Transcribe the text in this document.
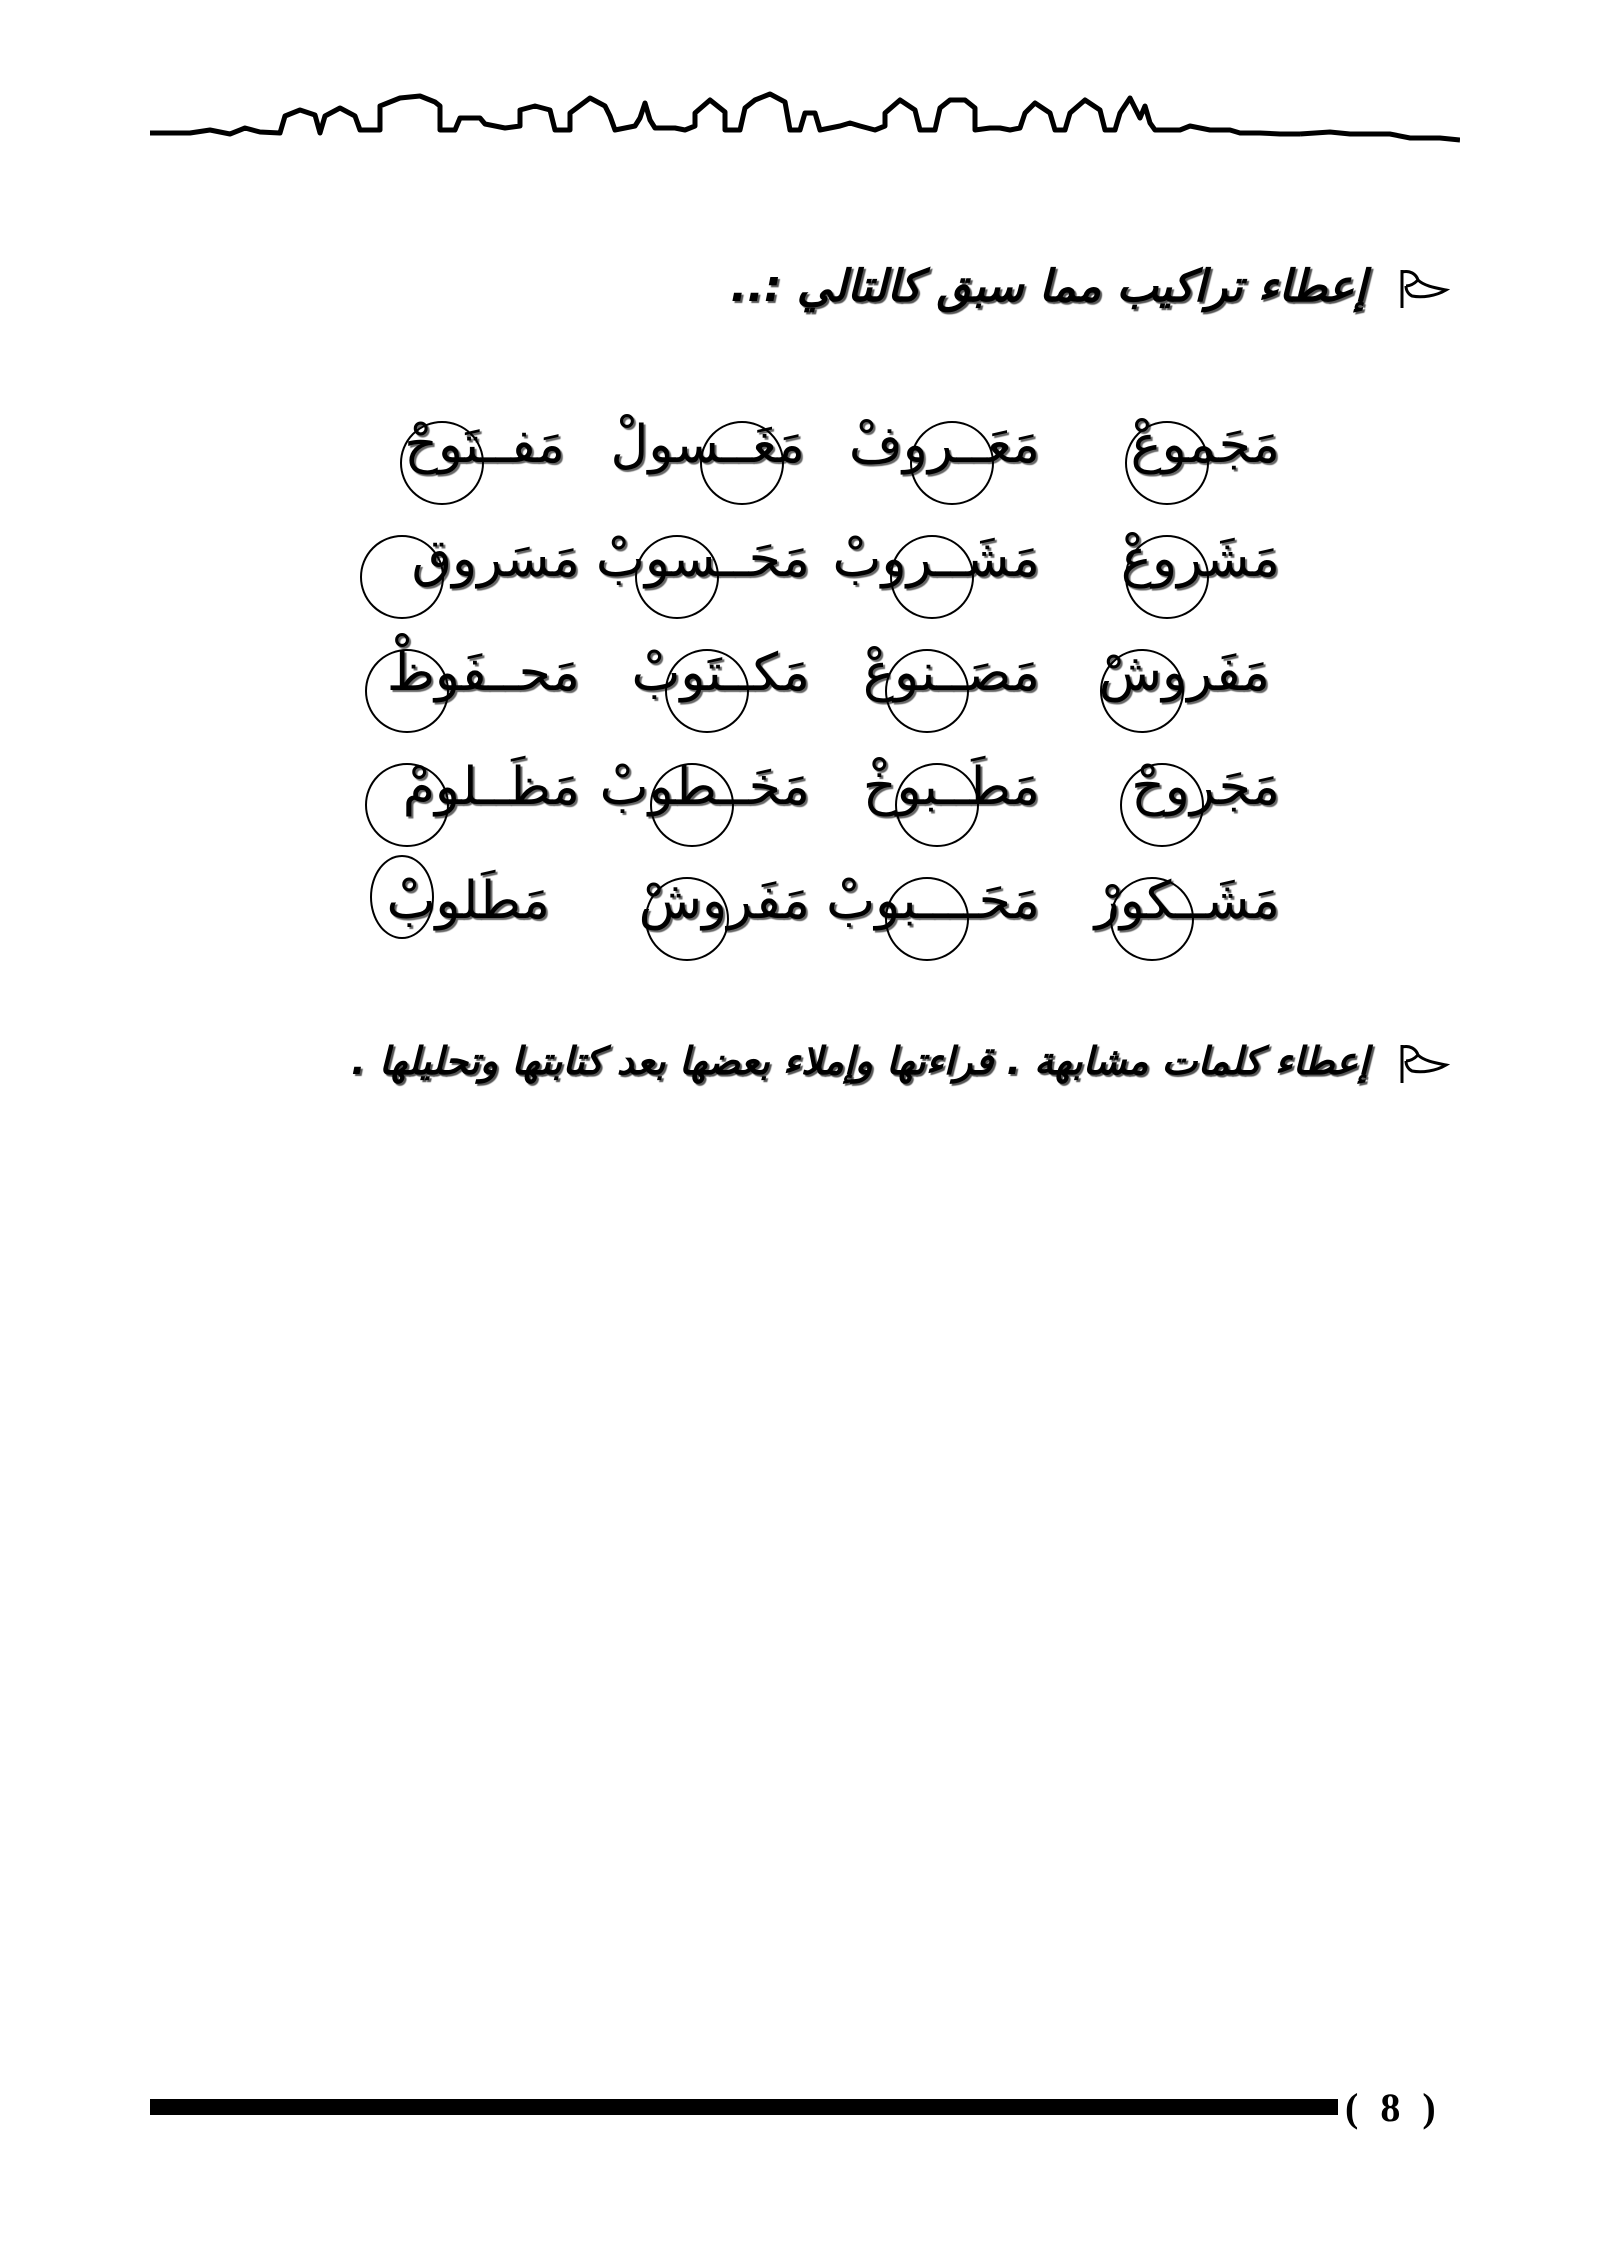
إعطاء تراكيب مما سبق كالتالي :..
مَجَموعْ
مَعَــروفْ
مَغَــسولْ
مَفــتَوحْ
مَشَروعْ
مَشَــروبْ
مَحَــسوبْ
مَسَروق
مَفَروشْ
مَصَــنوعْ
مَكــتَوبْ
مَحــفَوظْ
مَجَروحْ
مَطَــبوخْ
مَخَــطوبْ
مَظَــلومْ
مَشَــكورْ
مَحَــــبوبْ
مَفَروشْ
مَطَلوبْ
إعطاء كلمات مشابهة . قراءتها وإملاء بعضها بعد كتابتها وتحليلها .
( 8 )
